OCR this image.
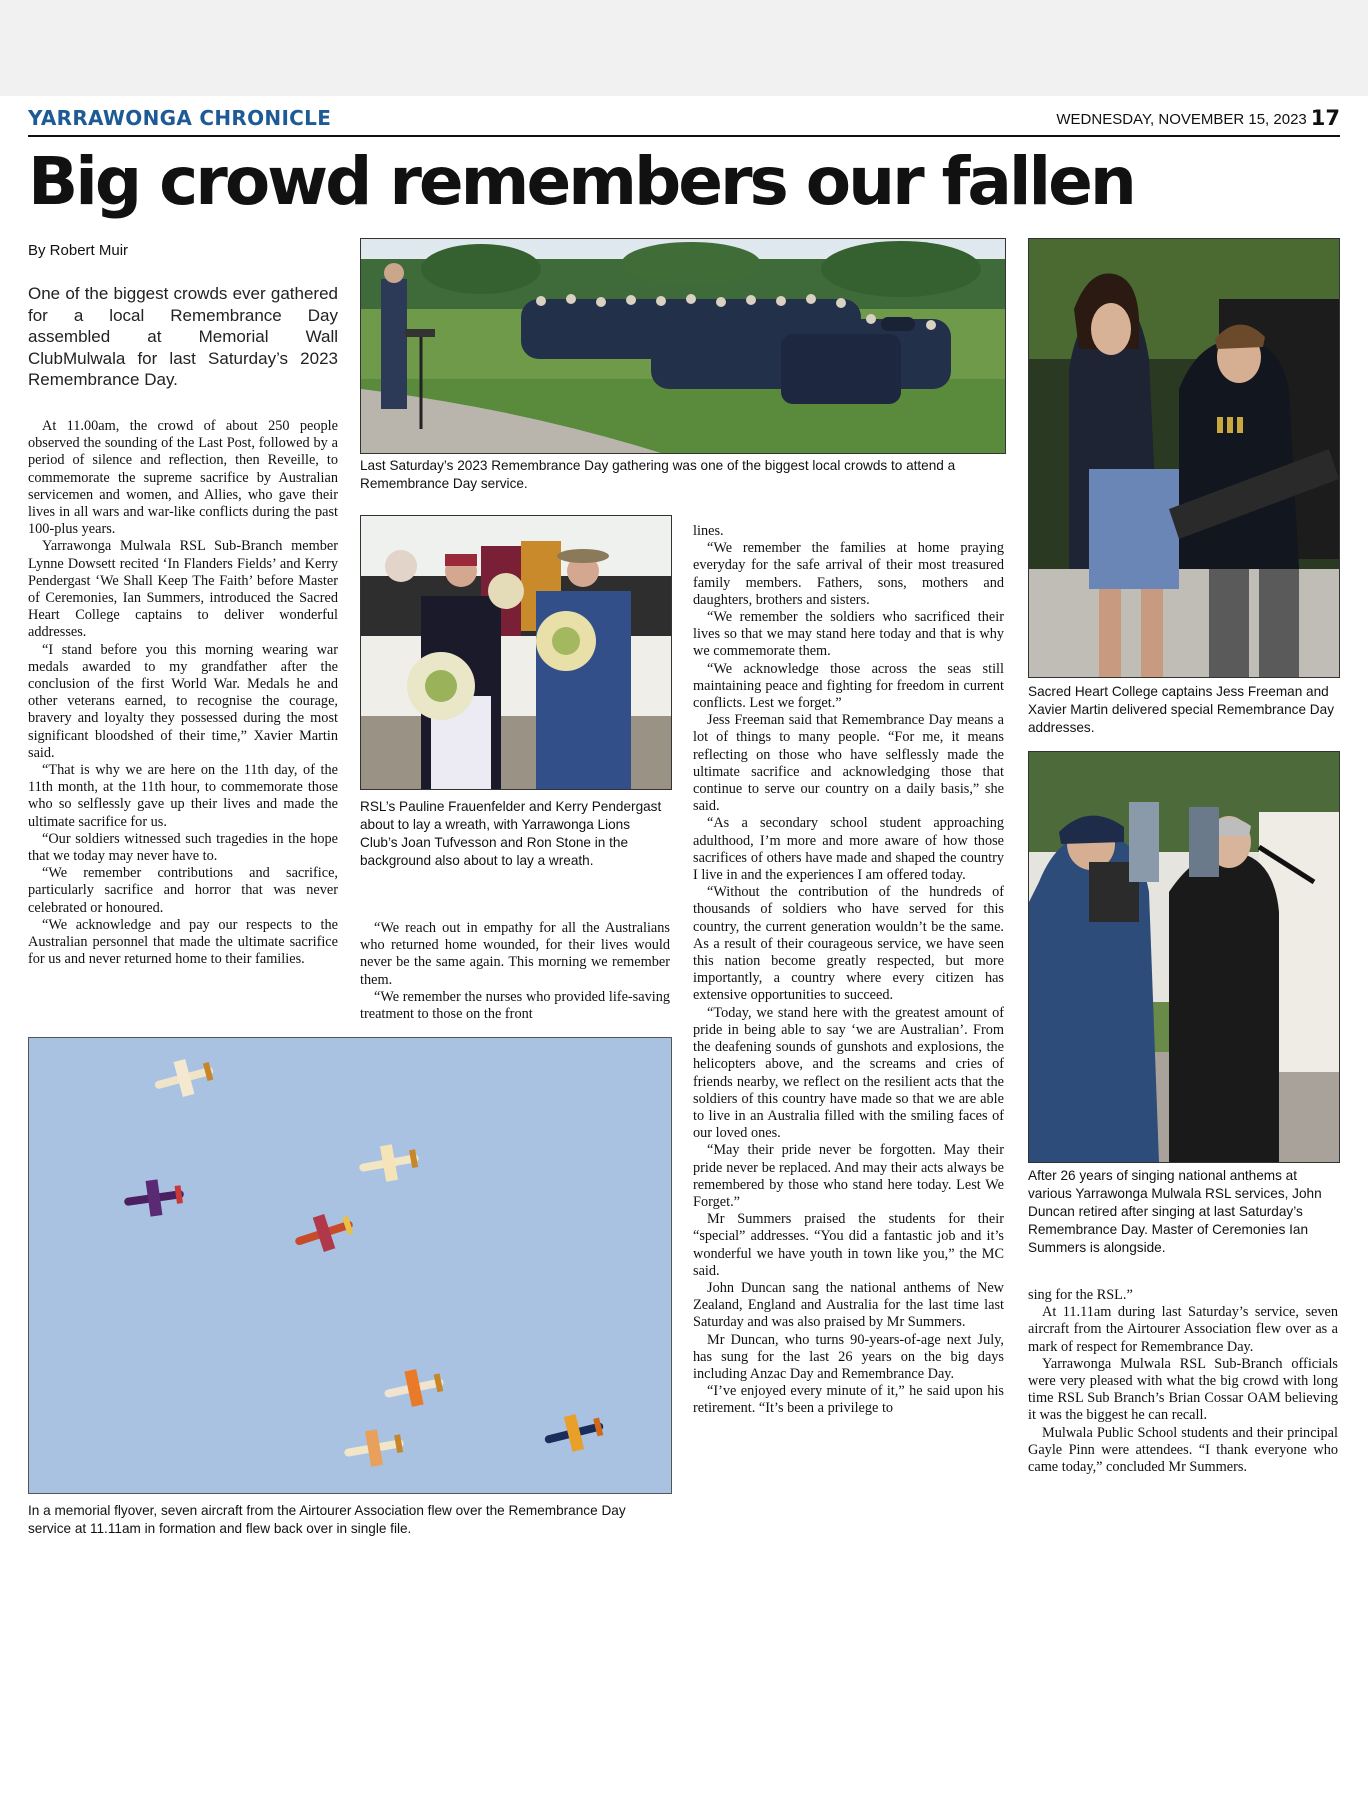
YARRAWONGA CHRONICLE	WEDNESDAY, NOVEMBER 15, 2023 17
Big crowd remembers our fallen
By Robert Muir
One of the biggest crowds ever gathered for a local Remembrance Day assembled at Memorial Wall ClubMulwala for last Saturday’s 2023 Remembrance Day.

At 11.00am, the crowd of about 250 people observed the sounding of the Last Post, followed by a period of silence and reflection, then Reveille, to commemorate the supreme sacrifice by Australian servicemen and women, and Allies, who gave their lives in all wars and war-like conflicts during the past 100-plus years.

Yarrawonga Mulwala RSL Sub-Branch member Lynne Dowsett recited ‘In Flanders Fields’ and Kerry Pendergast ‘We Shall Keep The Faith’ before Master of Ceremonies, Ian Summers, introduced the Sacred Heart College captains to deliver wonderful addresses.

“I stand before you this morning wearing war medals awarded to my grandfather after the conclusion of the first World War. Medals he and other veterans earned, to recognise the courage, bravery and loyalty they possessed during the most significant bloodshed of their time,” Xavier Martin said.

“That is why we are here on the 11th day, of the 11th month, at the 11th hour, to commemorate those who so selflessly gave up their lives and made the ultimate sacrifice for us.

“Our soldiers witnessed such tragedies in the hope that we today may never have to.

“We remember contributions and sacrifice, particularly sacrifice and horror that was never celebrated or honoured.

“We acknowledge and pay our respects to the Australian personnel that made the ultimate sacrifice for us and never returned home to their families.

Last Saturday’s 2023 Remembrance Day gathering was one of the biggest local crowds to attend a Remembrance Day service.
RSL’s Pauline Frauenfelder and Kerry Pendergast about to lay a wreath, with Yarrawonga Lions Club’s Joan Tufvesson and Ron Stone in the background also about to lay a wreath.

“We reach out in empathy for all the Australians who returned home wounded, for their lives would never be the same again. This morning we remember them.

“We remember the nurses who provided life-saving treatment to those on the front

lines.

“We remember the families at home praying everyday for the safe arrival of their most treasured family members. Fathers, sons, mothers and daughters, brothers and sisters.

“We remember the soldiers who sacrificed their lives so that we may stand here today and that is why we commemorate them.

“We acknowledge those across the seas still maintaining peace and fighting for freedom in current conflicts. Lest we forget.”

Jess Freeman said that Remembrance Day means a lot of things to many people. “For me, it means reflecting on those who have selflessly made the ultimate sacrifice and acknowledging those that continue to serve our country on a daily basis,” she said.

“As a secondary school student approaching adulthood, I’m more and more aware of how those sacrifices of others have made and shaped the country I live in and the experiences I am offered today.

“Without the contribution of the hundreds of thousands of soldiers who have served for this country, the current generation wouldn’t be the same. As a result of their courageous service, we have seen this nation become greatly respected, but more importantly, a country where every citizen has extensive opportunities to succeed.

“Today, we stand here with the greatest amount of pride in being able to say ‘we are Australian’. From the deafening sounds of gunshots and explosions, the helicopters above, and the screams and cries of friends nearby, we reflect on the resilient acts that the soldiers of this country have made so that we are able to live in an Australia filled with the smiling faces of our loved ones.

“May their pride never be forgotten. May their pride never be replaced. And may their acts always be remembered by those who stand here today. Lest We Forget.”

Mr Summers praised the students for their “special” addresses. “You did a fantastic job and it’s wonderful we have youth in town like you,” the MC said.

John Duncan sang the national anthems of New Zealand, England and Australia for the last time last Saturday and was also praised by Mr Summers.

Mr Duncan, who turns 90-years-of-age next July, has sung for the last 26 years on the big days including Anzac Day and Remembrance Day.

“I’ve enjoyed every minute of it,” he said upon his retirement. “It’s been a privilege to

Sacred Heart College captains Jess Freeman and Xavier Martin delivered special Remembrance Day addresses.
After 26 years of singing national anthems at various Yarrawonga Mulwala RSL services, John Duncan retired after singing at last Saturday’s Remembrance Day. Master of Ceremonies Ian Summers is alongside.

sing for the RSL.”

At 11.11am during last Saturday’s service, seven aircraft from the Airtourer Association flew over as a mark of respect for Remembrance Day.

Yarrawonga Mulwala RSL Sub-Branch officials were very pleased with what the big crowd with long time RSL Sub Branch’s Brian Cossar OAM believing it was the biggest he can recall.

Mulwala Public School students and their principal Gayle Pinn were attendees. “I thank everyone who came today,” concluded Mr Summers.

In a memorial flyover, seven aircraft from the Airtourer Association flew over the Remembrance Day service at 11.11am in formation and flew back over in single file.
